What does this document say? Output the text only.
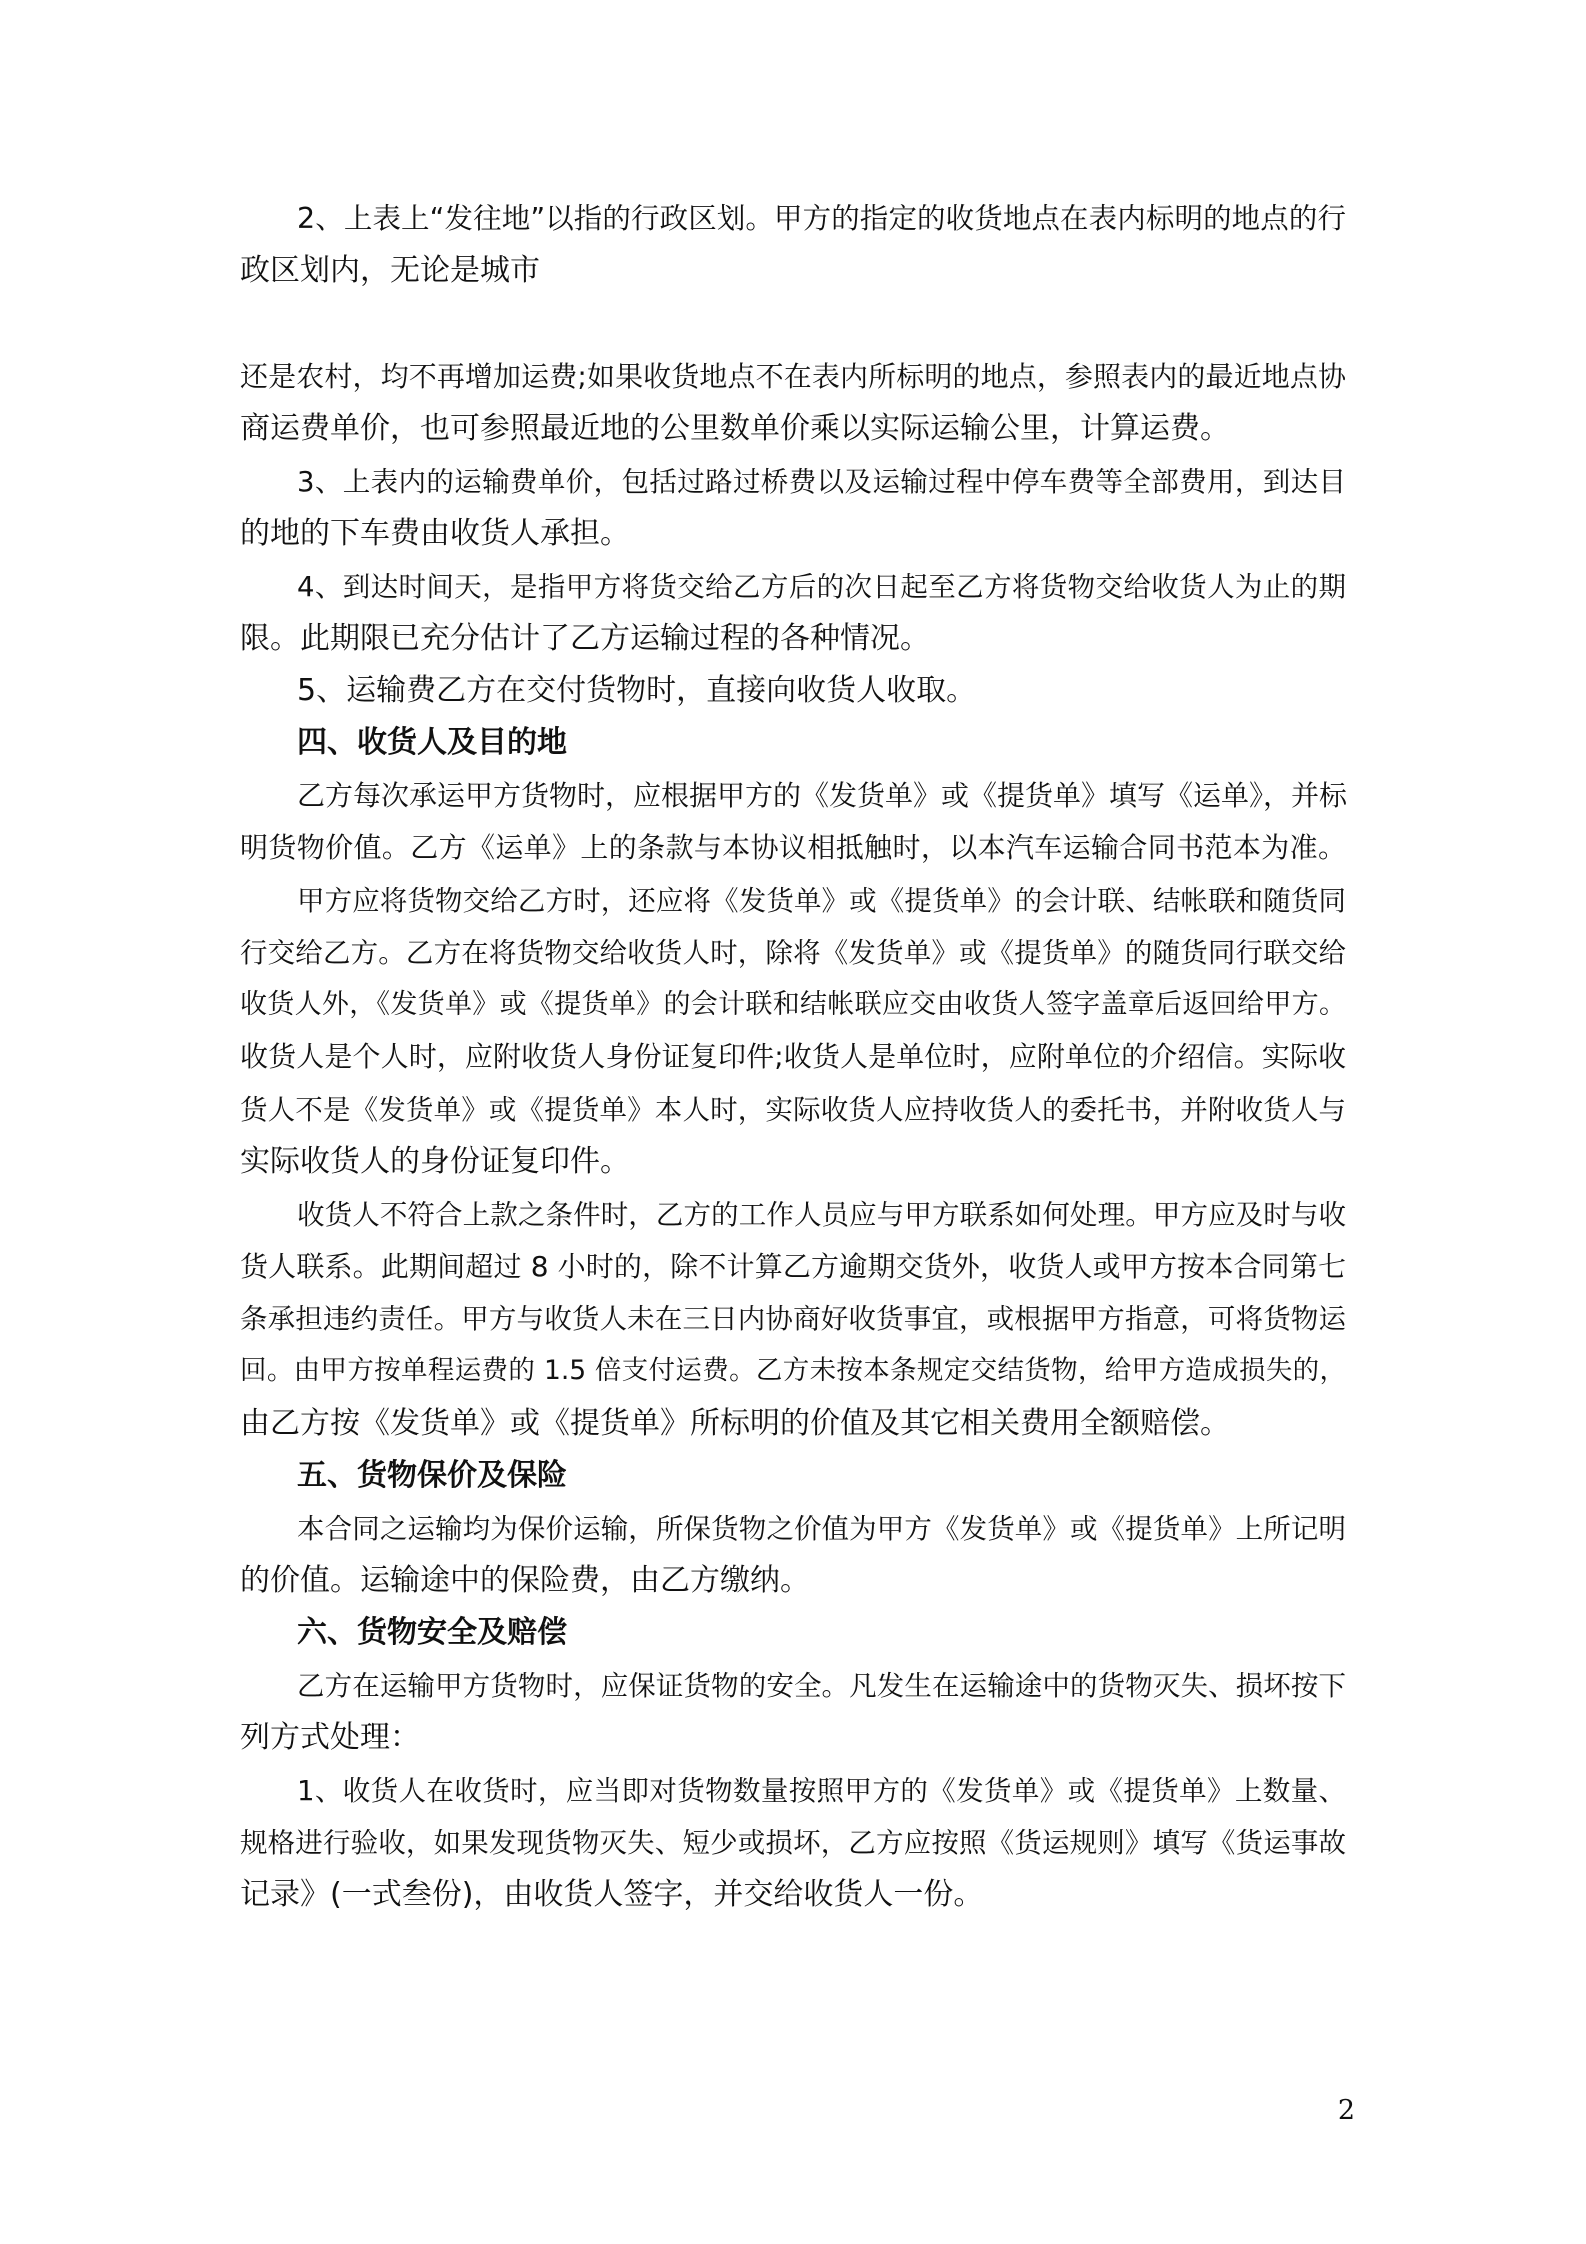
2、上表上“发往地”以指的行政区划。甲方的指定的收货地点在表内标明的地点的行
政区划内，无论是城市
还是农村，均不再增加运费;如果收货地点不在表内所标明的地点，参照表内的最近地点协
商运费单价，也可参照最近地的公里数单价乘以实际运输公里，计算运费。
3、上表内的运输费单价，包括过路过桥费以及运输过程中停车费等全部费用，到达目
的地的下车费由收货人承担。
4、到达时间天，是指甲方将货交给乙方后的次日起至乙方将货物交给收货人为止的期
限。此期限已充分估计了乙方运输过程的各种情况。
5、运输费乙方在交付货物时，直接向收货人收取。
四、收货人及目的地
乙方每次承运甲方货物时，应根据甲方的《发货单》或《提货单》填写《运单》，并标
明货物价值。乙方《运单》上的条款与本协议相抵触时，以本汽车运输合同书范本为准。
甲方应将货物交给乙方时，还应将《发货单》或《提货单》的会计联、结帐联和随货同
行交给乙方。乙方在将货物交给收货人时，除将《发货单》或《提货单》的随货同行联交给
收货人外，《发货单》或《提货单》的会计联和结帐联应交由收货人签字盖章后返回给甲方。
收货人是个人时，应附收货人身份证复印件;收货人是单位时，应附单位的介绍信。实际收
货人不是《发货单》或《提货单》本人时，实际收货人应持收货人的委托书，并附收货人与
实际收货人的身份证复印件。
收货人不符合上款之条件时，乙方的工作人员应与甲方联系如何处理。甲方应及时与收
货人联系。此期间超过 8 小时的，除不计算乙方逾期交货外，收货人或甲方按本合同第七
条承担违约责任。甲方与收货人未在三日内协商好收货事宜，或根据甲方指意，可将货物运
回。由甲方按单程运费的 1.5 倍支付运费。乙方未按本条规定交结货物，给甲方造成损失的，
由乙方按《发货单》或《提货单》所标明的价值及其它相关费用全额赔偿。
五、货物保价及保险
本合同之运输均为保价运输，所保货物之价值为甲方《发货单》或《提货单》上所记明
的价值。运输途中的保险费，由乙方缴纳。
六、货物安全及赔偿
乙方在运输甲方货物时，应保证货物的安全。凡发生在运输途中的货物灭失、损坏按下
列方式处理：
1、收货人在收货时，应当即对货物数量按照甲方的《发货单》或《提货单》上数量、
规格进行验收，如果发现货物灭失、短少或损坏，乙方应按照《货运规则》填写《货运事故
记录》(一式叁份)，由收货人签字，并交给收货人一份。
2
